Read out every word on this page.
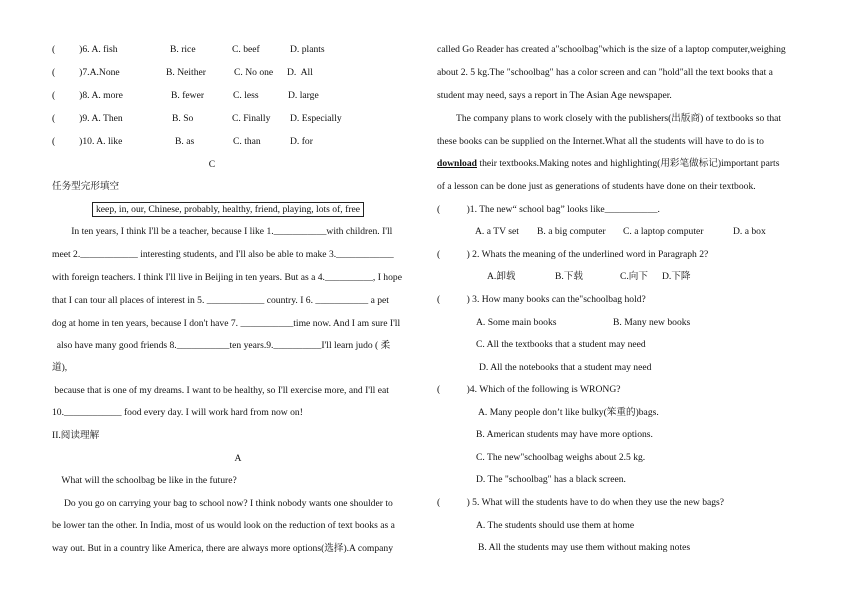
(          )6. A. fish

	B. rice

	C. beef

	D. plants

(          )7.A.None

	B. Neither

	C. No one

D.  All

(          )8. A. more

	B. fewer

	C. less

	D. large

(          )9. A. Then

	B. So

	C. Finally

D. Especially

(          )10. A. like

	B. as

	C. than

	D. for

C
任务型完形填空
keep, in, our, Chinese, probably, healthy, friend, playing, lots of, free
In ten years, I think I'll be a teacher, because I like 1.___________with children. I'll
meet 2.____________ interesting students, and I'll also be able to make 3.____________
with foreign teachers. I think I'll live in Beijing in ten years. But as a 4.__________, I hope
that I can tour all places of interest in 5. ____________ country. I 6. ___________ a pet
dog at home in ten years, because I don't have 7. ___________time now. And I am sure I'll
also have many good friends 8.___________ten years.9.__________I'll learn judo ( 柔
道),
because that is one of my dreams. I want to be healthy, so I'll exercise more, and I'll eat
10.____________ food every day. I will work hard from now on!
II.阅读理解
A
What will the schoolbag be like in the future?
Do you go on carrying your bag to school now? I think nobody wants one shoulder to
be lower tan the other. In India, most of us would look on the reduction of text books as a
way out. But in a country like America, there are always more options(选择).A company
called Go Reader has created a"schoolbag"which is the size of a laptop computer,weighing
about 2. 5 kg.The "schoolbag" has a color screen and can "hold"all the text books that a
student may need, says a report in The Asian Age newspaper.
The company plans to work closely with the publishers(出版商) of textbooks so that
these books can be supplied on the Internet.What all the students will have to do is to
download their textbooks.Making notes and highlighting(用彩笔做标记)important parts
of a lesson can be done just as generations of students have done on their textbook.
(           )1. The new“ school bag” looks like___________.

A. a TV set

B. a big computer

C. a laptop computer

	D. a box

(           ) 2. Whats the meaning of the underlined word in Paragraph 2?

A.卸载

	B.下载

	C.向下

D.下降

(           ) 3. How many books can the"schoolbag hold?

A. Some main books

	B. Many new books

C. All the textbooks that a student may need
D. All the notebooks that a student may need
(           )4. Which of the following is WRONG?
A. Many people don’t like bulky(笨重的)bags.
B. American students may have more options.
C. The new"schoolbag weighs about 2.5 kg.
D. The "schoolbag" has a black screen.
(           ) 5. What will the students have to do when they use the new bags?
A. The students should use them at home
B. All the students may use them without making notes
